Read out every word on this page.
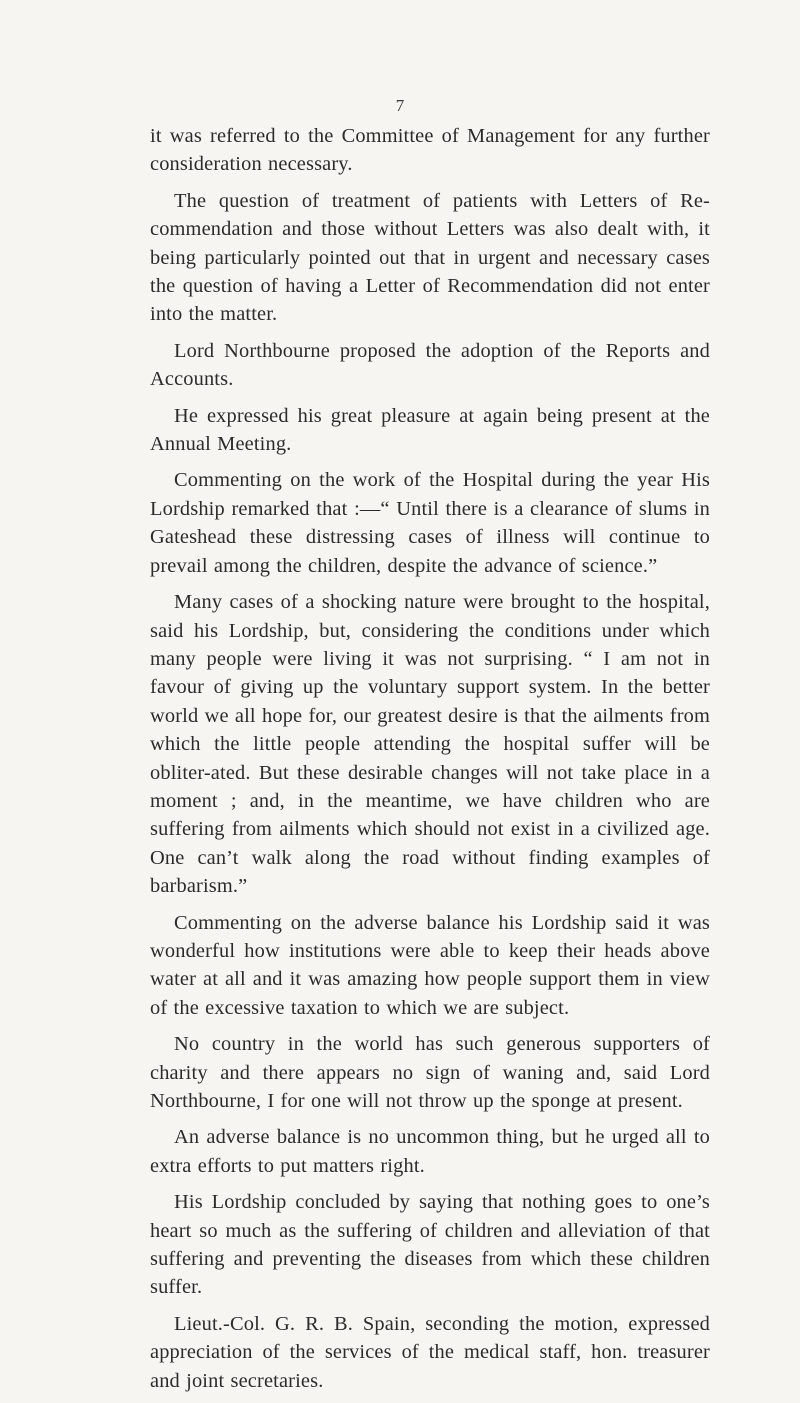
7

it was referred to the Committee of Management for any further consideration necessary.

The question of treatment of patients with Letters of Re-commendation and those without Letters was also dealt with, it being particularly pointed out that in urgent and necessary cases the question of having a Letter of Recommendation did not enter into the matter.

Lord Northbourne proposed the adoption of the Reports and Accounts.

He expressed his great pleasure at again being present at the Annual Meeting.

Commenting on the work of the Hospital during the year His Lordship remarked that :—“ Until there is a clearance of slums in Gateshead these distressing cases of illness will continue to prevail among the children, despite the advance of science.”

Many cases of a shocking nature were brought to the hospital, said his Lordship, but, considering the conditions under which many people were living it was not surprising. “ I am not in favour of giving up the voluntary support system. In the better world we all hope for, our greatest desire is that the ailments from which the little people attending the hospital suffer will be obliter-ated. But these desirable changes will not take place in a moment ; and, in the meantime, we have children who are suffering from ailments which should not exist in a civilized age. One can’t walk along the road without finding examples of barbarism.”

Commenting on the adverse balance his Lordship said it was wonderful how institutions were able to keep their heads above water at all and it was amazing how people support them in view of the excessive taxation to which we are subject.

No country in the world has such generous supporters of charity and there appears no sign of waning and, said Lord Northbourne, I for one will not throw up the sponge at present.

An adverse balance is no uncommon thing, but he urged all to extra efforts to put matters right.

His Lordship concluded by saying that nothing goes to one’s heart so much as the suffering of children and alleviation of that suffering and preventing the diseases from which these children suffer.

Lieut.-Col. G. R. B. Spain, seconding the motion, expressed appreciation of the services of the medical staff, hon. treasurer and joint secretaries.
